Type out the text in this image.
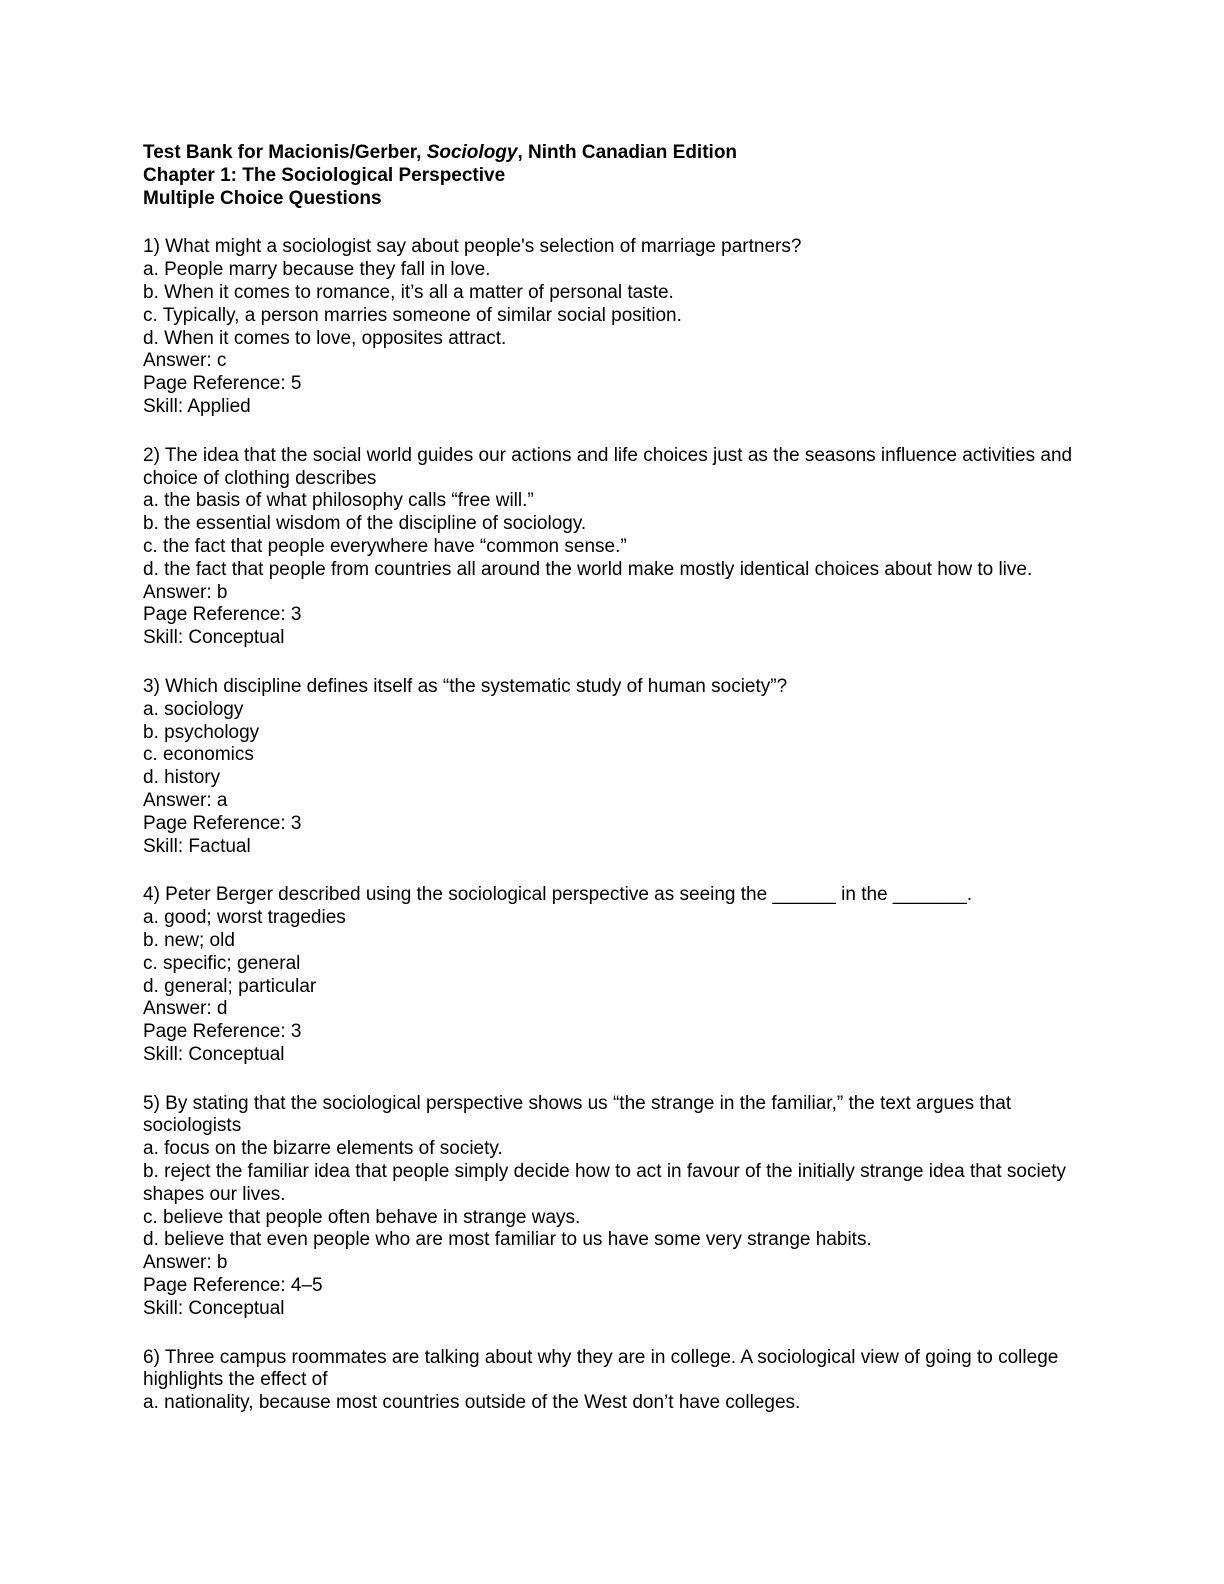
Test Bank for Macionis/Gerber, Sociology, Ninth Canadian Edition
Chapter 1: The Sociological Perspective
Multiple Choice Questions
1) What might a sociologist say about people's selection of marriage partners?
a. People marry because they fall in love.
b. When it comes to romance, it’s all a matter of personal taste.
c. Typically, a person marries someone of similar social position.
d. When it comes to love, opposites attract.
Answer: c
Page Reference: 5
Skill: Applied
2) The idea that the social world guides our actions and life choices just as the seasons influence activities and choice of clothing describes
a. the basis of what philosophy calls “free will.”
b. the essential wisdom of the discipline of sociology.
c. the fact that people everywhere have “common sense.”
d. the fact that people from countries all around the world make mostly identical choices about how to live.
Answer: b
Page Reference: 3
Skill: Conceptual
3) Which discipline defines itself as “the systematic study of human society”?
a. sociology
b. psychology
c. economics
d. history
Answer: a
Page Reference: 3
Skill: Factual
4) Peter Berger described using the sociological perspective as seeing the ______ in the _______.
a. good; worst tragedies
b. new; old
c. specific; general
d. general; particular
Answer: d
Page Reference: 3
Skill: Conceptual
5) By stating that the sociological perspective shows us “the strange in the familiar,” the text argues that sociologists
a. focus on the bizarre elements of society.
b. reject the familiar idea that people simply decide how to act in favour of the initially strange idea that society shapes our lives.
c. believe that people often behave in strange ways.
d. believe that even people who are most familiar to us have some very strange habits.
Answer: b
Page Reference: 4–5
Skill: Conceptual
6) Three campus roommates are talking about why they are in college. A sociological view of going to college highlights the effect of
a. nationality, because most countries outside of the West don’t have colleges.
